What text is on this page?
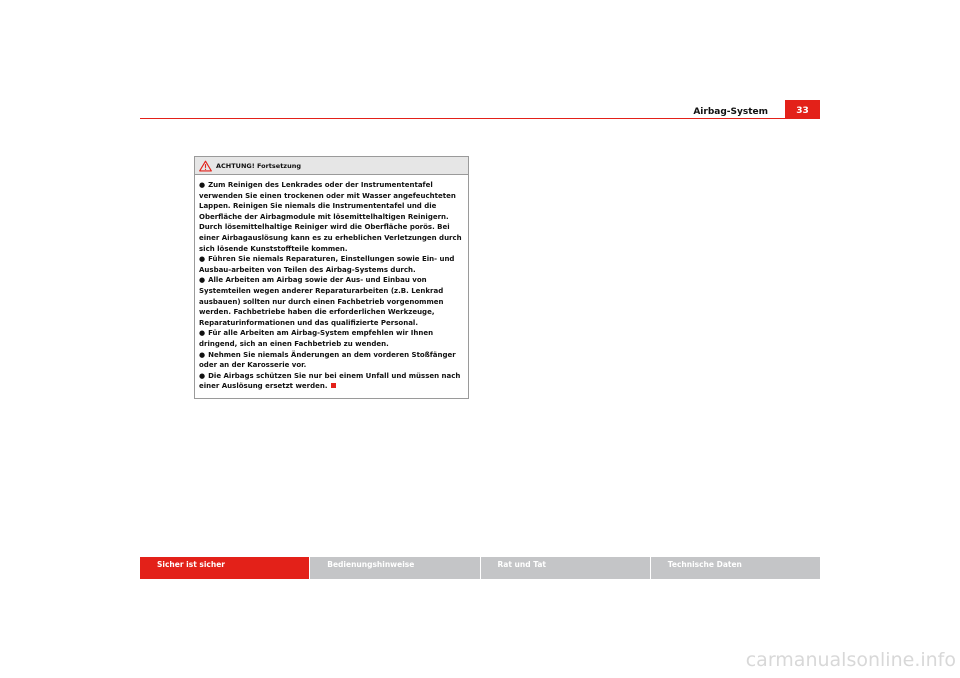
Airbag-System	33
ACHTUNG! Fortsetzung

● Zum Reinigen des Lenkrades oder der Instrumententafel verwenden Sie einen trockenen oder mit Wasser angefeuchteten Lappen. Reinigen Sie niemals die Instrumententafel und die Oberfläche der Airbagmodule mit lösemittelhaltigen Reinigern. Durch lösemittelhaltige Reiniger wird die Oberfläche porös. Bei einer Airbagauslösung kann es zu erheblichen Verletzungen durch sich lösende Kunststoffteile kommen.

● Führen Sie niemals Reparaturen, Einstellungen sowie Ein- und Ausbau-arbeiten von Teilen des Airbag-Systems durch.

● Alle Arbeiten am Airbag sowie der Aus- und Einbau von Systemteilen wegen anderer Reparaturarbeiten (z.B. Lenkrad ausbauen) sollten nur durch einen Fachbetrieb vorgenommen werden. Fachbetriebe haben die erforderlichen Werkzeuge, Reparaturinformationen und das qualifizierte Personal.

● Für alle Arbeiten am Airbag-System empfehlen wir Ihnen dringend, sich an einen Fachbetrieb zu wenden.

● Nehmen Sie niemals Änderungen an dem vorderen Stoßfänger oder an der Karosserie vor.

● Die Airbags schützen Sie nur bei einem Unfall und müssen nach einer Auslösung ersetzt werden.

Sicher ist sicher	Bedienungshinweise	Rat und Tat	Technische Daten
carmanualsonline.info
